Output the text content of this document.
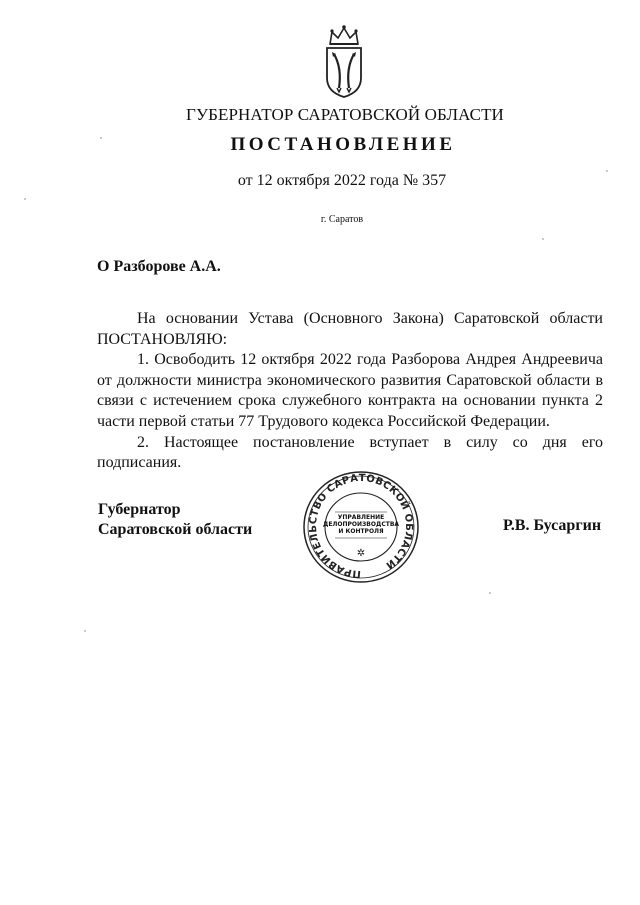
ГУБЕРНАТОР САРАТОВСКОЙ ОБЛАСТИ
ПОСТАНОВЛЕНИЕ
от 12 октября 2022 года № 357
г. Саратов
О Разборове А.А.

На основании Устава (Основного Закона) Саратовской области

ПОСТАНОВЛЯЮ:

1. Освободить 12 октября 2022 года Разборова Андрея Андреевича от должности министра экономического развития Саратовской области в связи с истечением срока служебного контракта на основании пункта 2 части первой статьи 77 Трудового кодекса Российской Федерации.

2. Настоящее постановление вступает в силу со дня его подписания.

Губернатор
Саратовской области
ПРАВИТЕЛЬСТВО САРАТОВСКОЙ ОБЛАСТИ
✲
УПРАВЛЕНИЕ
ДЕЛОПРОИЗВОДСТВА
И КОНТРОЛЯ	Р.В. Бусаргин
